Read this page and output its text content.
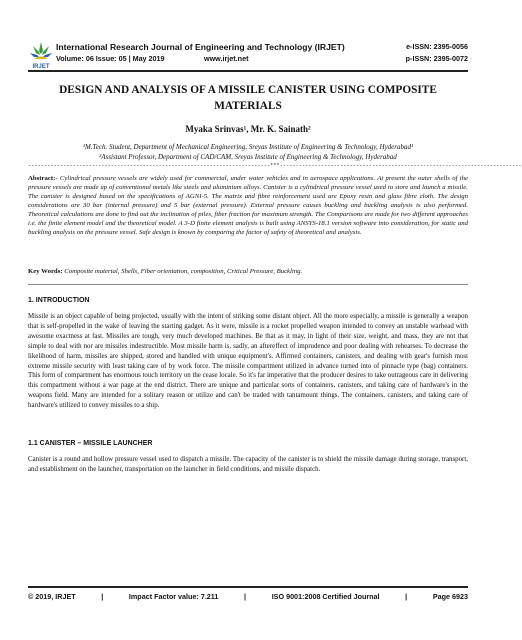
IRJET
International Research Journal of Engineering and Technology (IRJET)
Volume: 06 Issue: 05 | May 2019	www.irjet.net
e-ISSN: 2395-0056
p-ISSN: 2395-0072
DESIGN AND ANALYSIS OF A MISSILE CANISTER USING COMPOSITE MATERIALS
Myaka Srinvas¹, Mr. K. Sainath²
¹M.Tech. Student, Department of Mechanical Engineering, Sreyas Institute of Engineering & Technology, Hyderabad¹
²Assistant Professor, Department of CAD/CAM, Sreyas Institute of Engineering & Technology, Hyderabad
----------------------------------------------------------------------------***----------------------------------------------------------------------------
Abstract:- Cylindrical pressure vessels are widely used for commercial, under water vehicles and in aerospace applications. At present the outer shells of the pressure vessels are made up of conventional metals like steels and aluminium alloys. Canister is a cylindrical pressure vessel used to store and launch a missile. The canister is designed based on the specifications of AGNI-5. The matrix and fibre reinforcement used are Epoxy resin and glass fibre cloth. The design considerations are 30 bar (internal pressure) and 5 bar (external pressure). External pressure causes buckling and buckling analysis is also performed. Theoretical calculations are done to find out the inclination of piles, fiber fraction for maximum strength. The Comparisons are made for two different approaches i.e. the finite element model and the theoretical model. A 3-D finite element analysis is built using ANSYS-18.1 version software into consideration, for static and buckling analysis on the pressure vessel. Safe design is known by comparing the factor of safety of theoretical and analysis.
Key Words: Composite material, Shells, Fiber orientation, composition, Critical Pressure, Buckling.
1. INTRODUCTION
Missile is an object capable of being projected, usually with the intent of striking some distant object. All the more especially, a missile is generally a weapon that is self-propelled in the wake of leaving the starting gadget. As it were, missile is a rocket propelled weapon intended to convey an unstable warhead with awesome exactness at fast. Missiles are tough, very much developed machines. Be that as it may, in light of their size, weight, and mass, they are not that simple to deal with nor are missiles indestructible. Most missile harm is, sadly, an aftereffect of imprudence and poor dealing with rehearses. To decrease the likelihood of harm, missiles are shipped, stored and handled with unique equipment's. Affirmed containers, canisters, and dealing with gear's furnish most extreme missile security with least taking care of by work force. The missile compartment utilized in advance turned into of pinnacle type (bag) containers. This form of compartment has enormous touch territory on the cease locale. So it's far imperative that the producer desires to take outrageous care in delivering this compartment without a war page at the end district. There are unique and particular sorts of containers, canisters, and taking care of hardware's in the weapons field. Many are intended for a solitary reason or utilize and can't be traded with tantamount things. The containers, canisters, and taking care of hardware's utilized to convey missiles to a ship.
1.1 CANISTER – MISSILE LAUNCHER
Canister is a round and hollow pressure vessel used to dispatch a missile. The capacity of the canister is to shield the missile damage during storage, transport, and establishment on the launcher, transportation on the launcher in field conditions, and missile dispatch.
© 2019, IRJET	|	Impact Factor value: 7.211	|	ISO 9001:2008 Certified Journal	|	Page 6923
